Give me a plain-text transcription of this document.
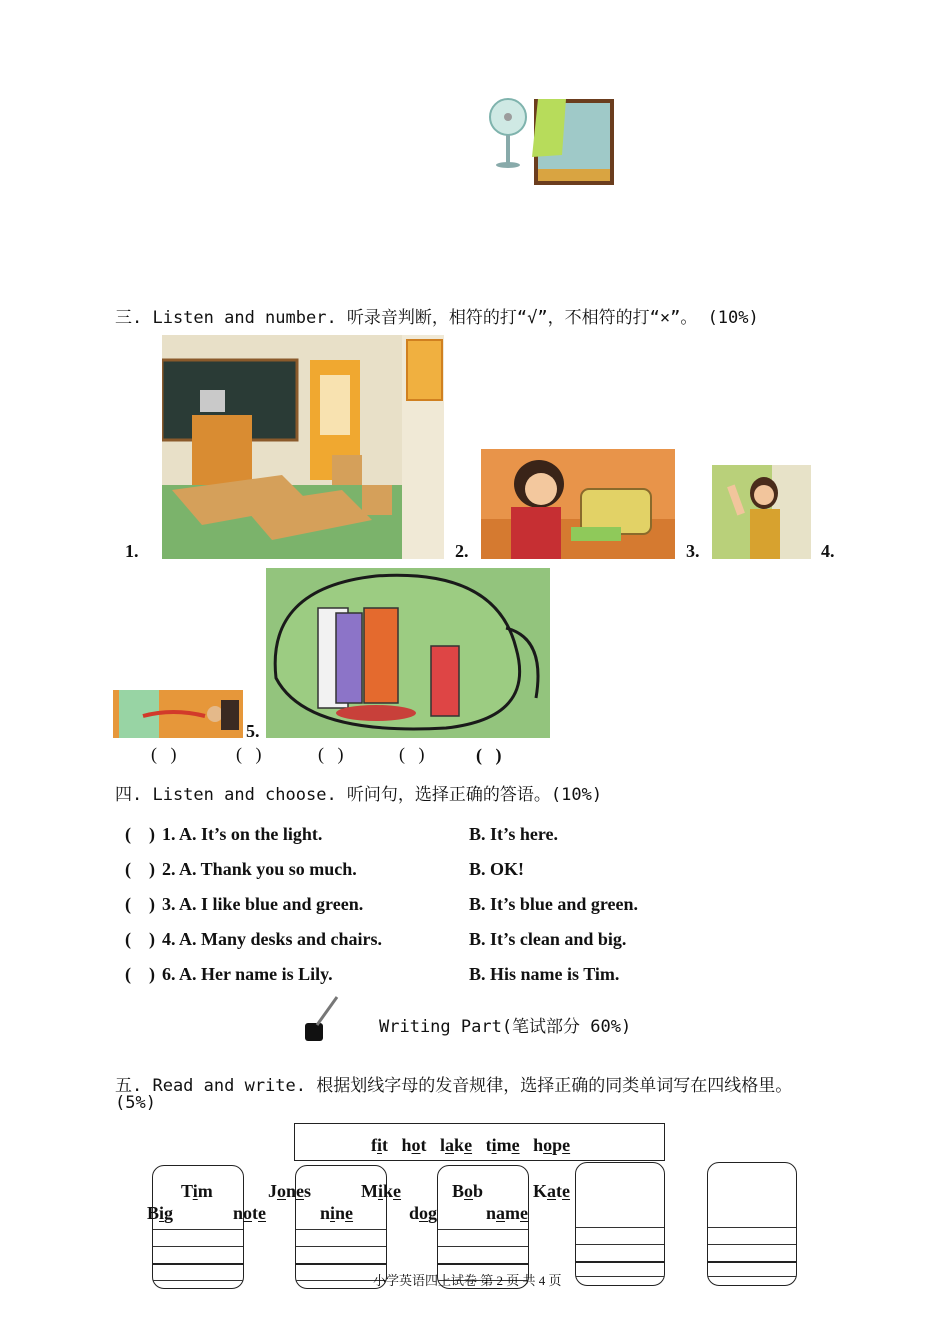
三. Listen and number. 听录音判断，相符的打“√”，不相符的打“×”。 (10%)
1.	2.	3.	4.
5.
(   )	(   )	(   )	(   )	(   )
四. Listen and choose. 听问句，选择正确的答语。(10%)
(    ) 1. A. It’s on the light.	B. It’s here.
(    ) 2. A. Thank you so much.	B. OK!
(    ) 3. A. I like blue and green.	B. It’s blue and green.
(    ) 4. A. Many desks and chairs.	B. It’s clean and big.
(    ) 6. A. Her name is Lily.	B. His name is Tim.
Writing Part(笔试部分 60%)
五. Read and write. 根据划线字母的发音规律，选择正确的同类单词写在四线格里。
(5%)
fit hot lake time hope
Tim	Jones	Mike	Bob	Kate
Big	note	nine	dog	name
小学英语四上试卷 第 2 页 共 4 页
